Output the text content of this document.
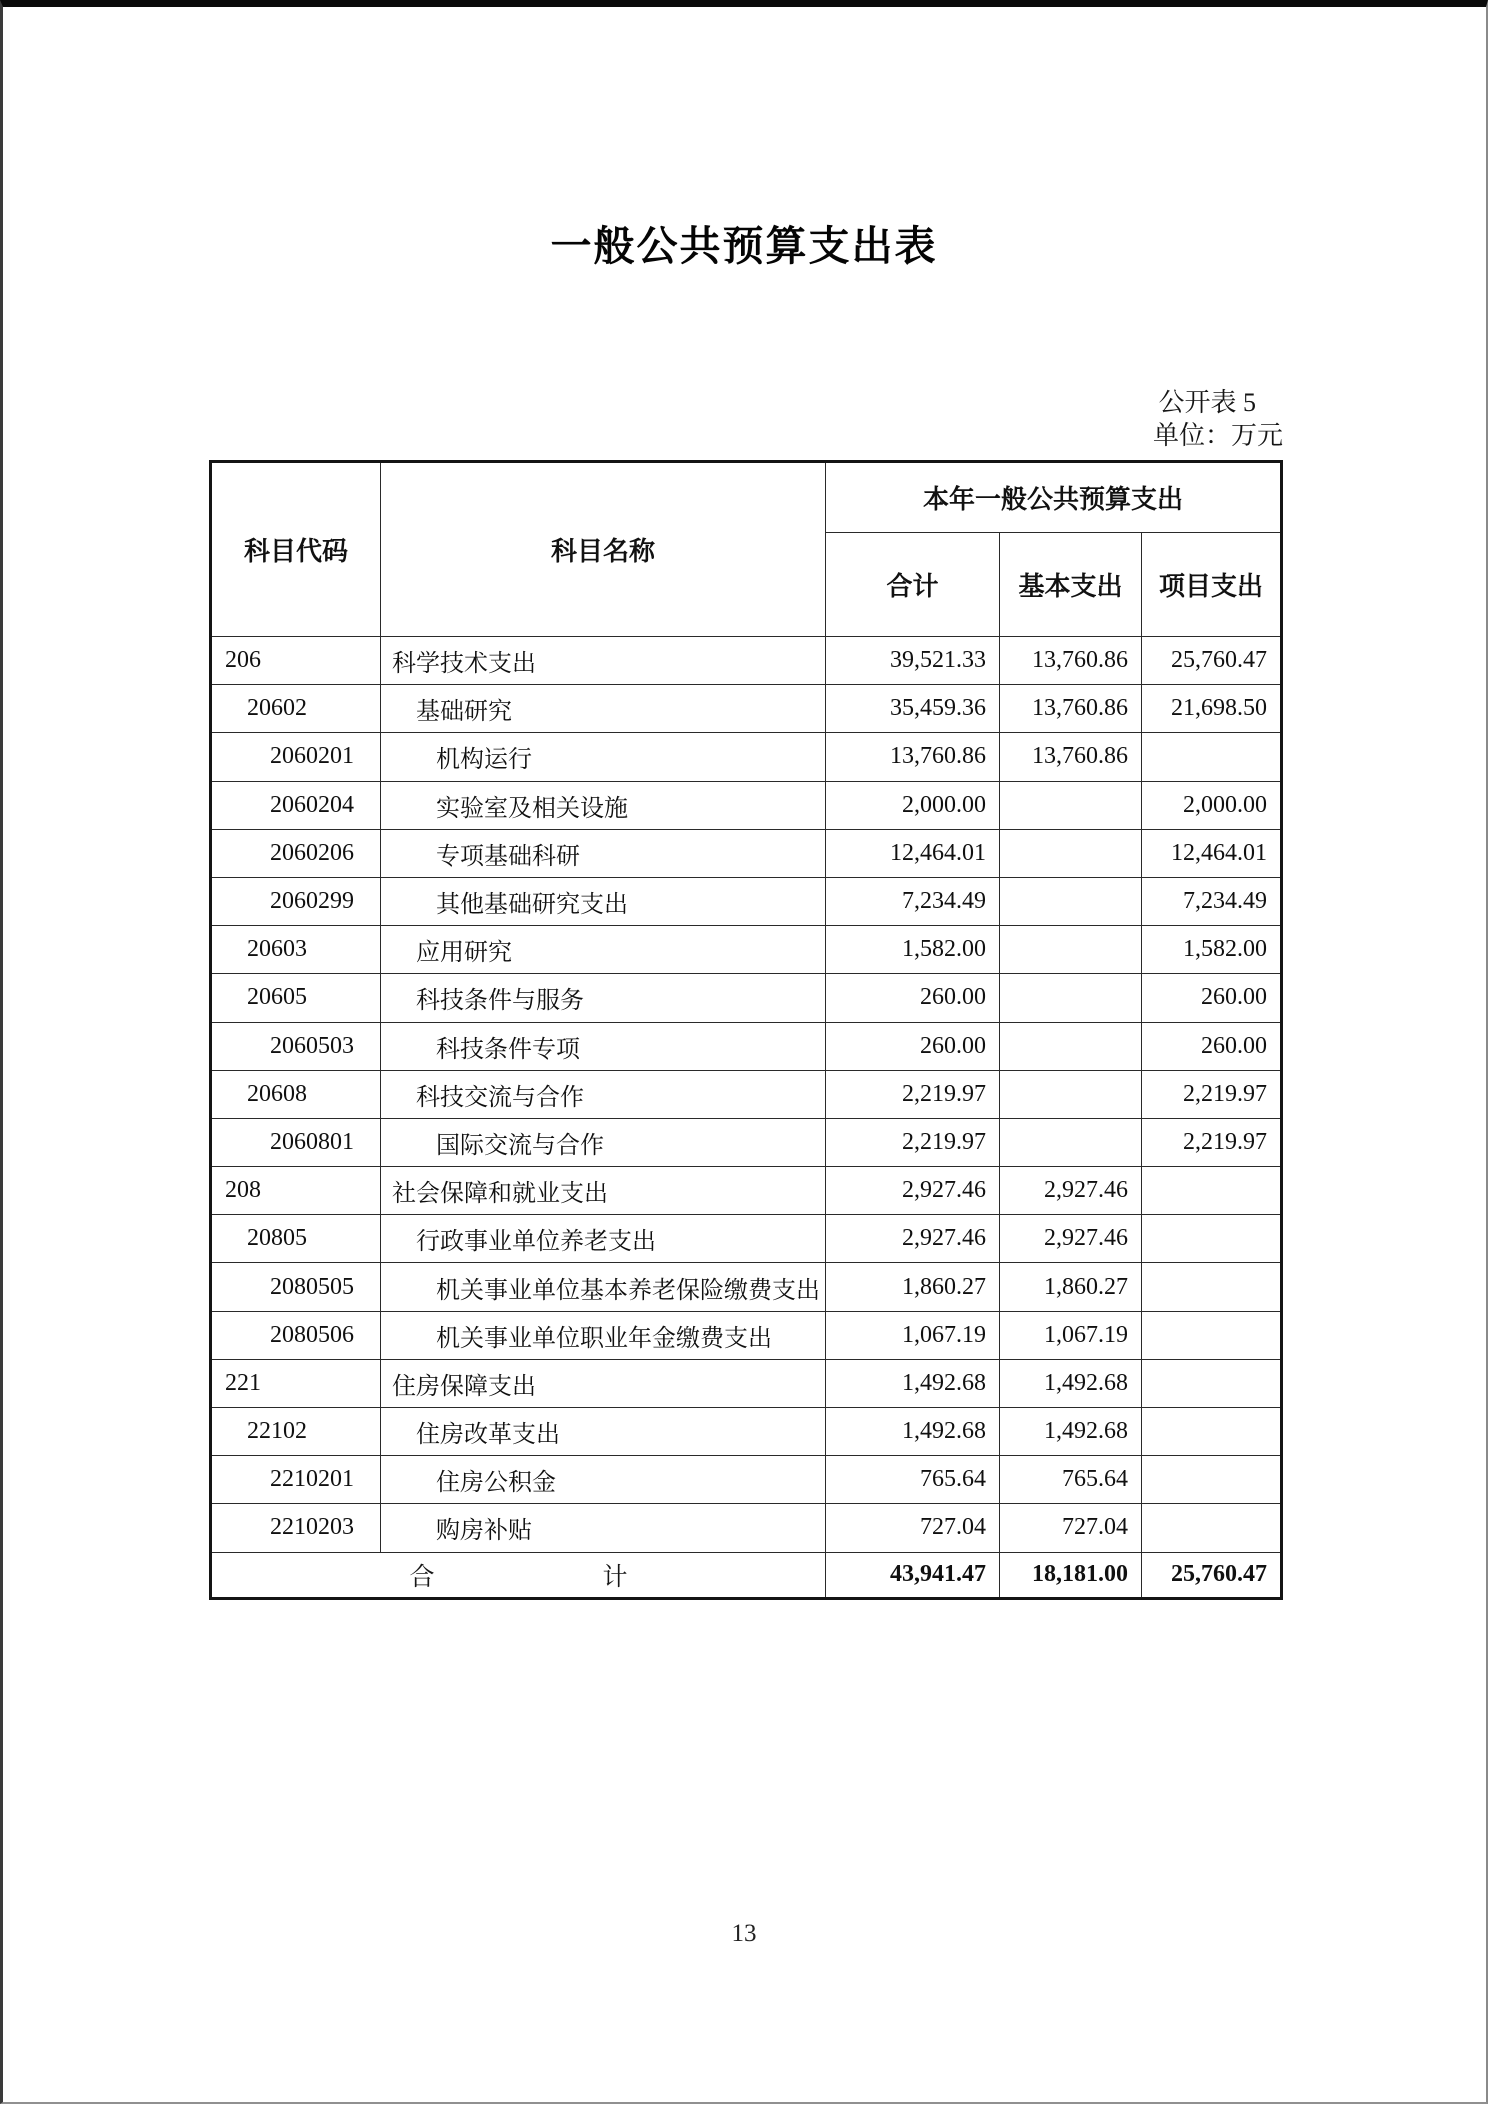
一般公共预算支出表
公开表 5
单位：万元
科目代码	科目名称	本年一般公共预算支出		
		合计	基本支出	项目支出
206	科学技术支出	39,521.33	13,760.86	25,760.47
20602	基础研究	35,459.36	13,760.86	21,698.50
2060201	机构运行	13,760.86	13,760.86	
2060204	实验室及相关设施	2,000.00		2,000.00
2060206	专项基础科研	12,464.01		12,464.01
2060299	其他基础研究支出	7,234.49		7,234.49
20603	应用研究	1,582.00		1,582.00
20605	科技条件与服务	260.00		260.00
2060503	科技条件专项	260.00		260.00
20608	科技交流与合作	2,219.97		2,219.97
2060801	国际交流与合作	2,219.97		2,219.97
208	社会保障和就业支出	2,927.46	2,927.46	
20805	行政事业单位养老支出	2,927.46	2,927.46	
2080505	机关事业单位基本养老保险缴费支出	1,860.27	1,860.27	
2080506	机关事业单位职业年金缴费支出	1,067.19	1,067.19	
221	住房保障支出	1,492.68	1,492.68	
22102	住房改革支出	1,492.68	1,492.68	
2210201	住房公积金	765.64	765.64	
2210203	购房补贴	727.04	727.04	

合 计		43,941.47	18,181.00	25,760.47
13
